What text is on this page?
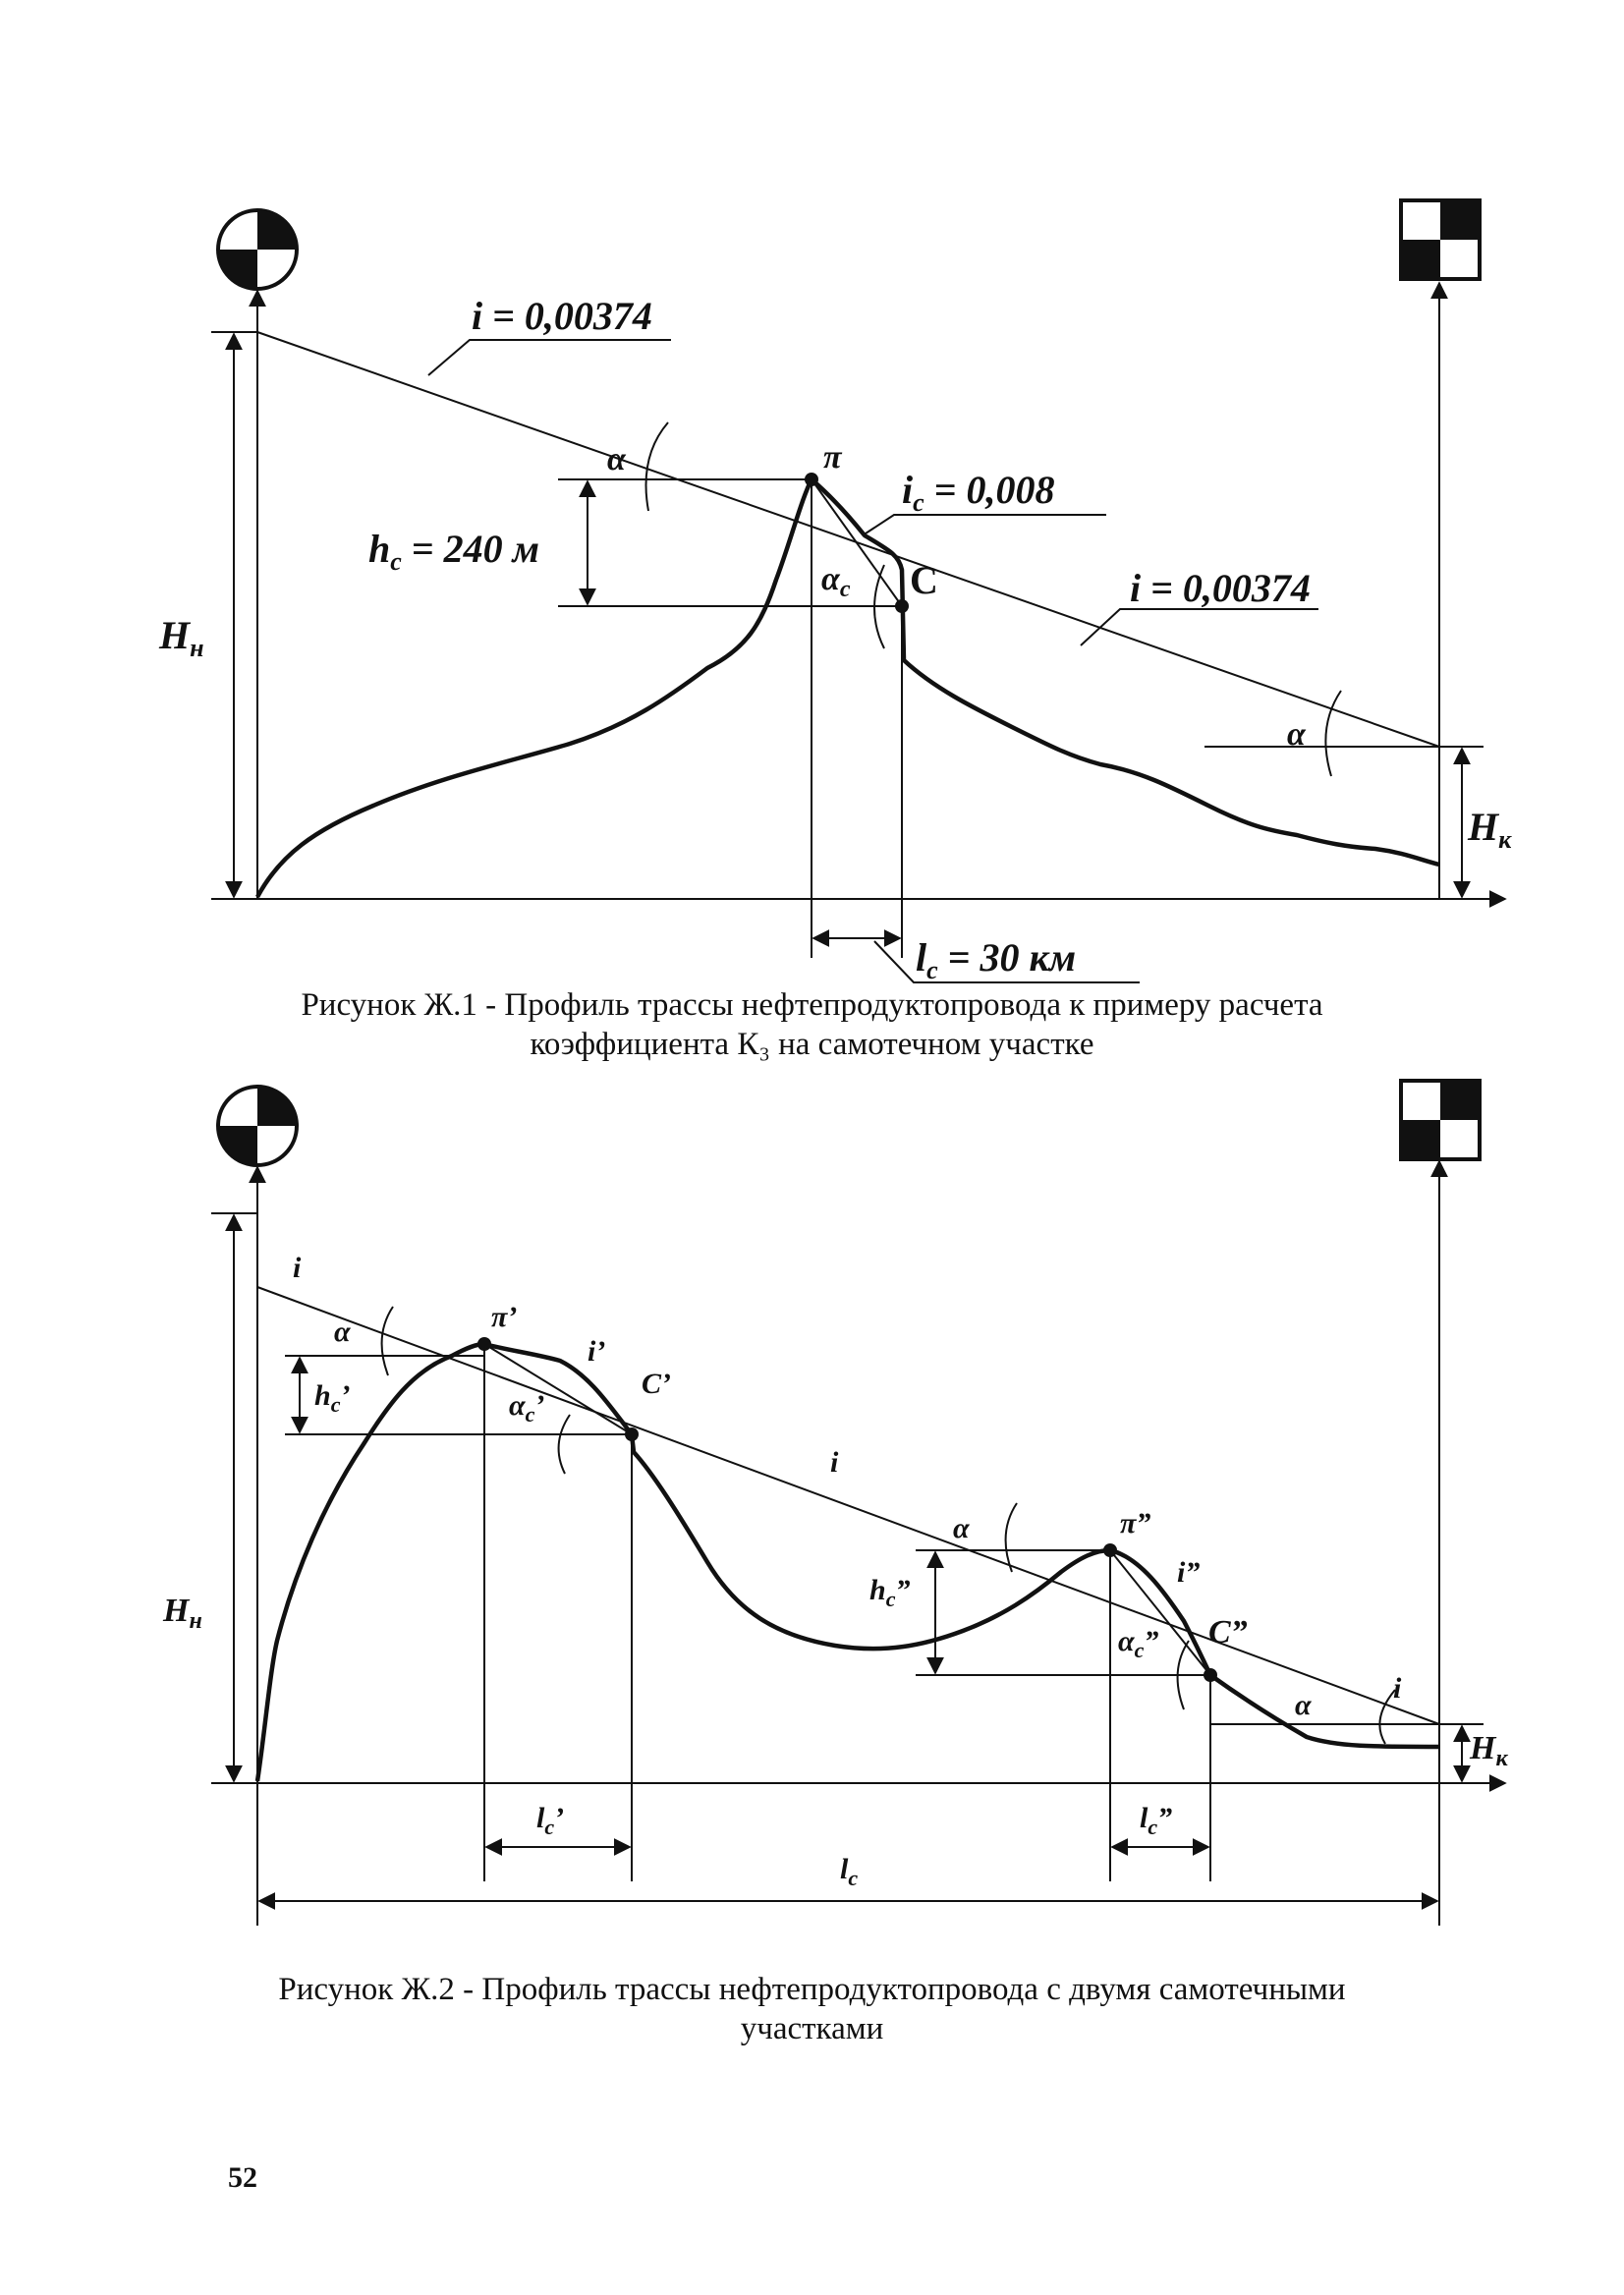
i = 0,00374
i = 0,00374
$i_c = 0,008$
$h_c = 240$ м
$l_c = 30$ км
α
α
$\alpha_c$
π
C
$H_н$
$H_к$
Рисунок Ж.1 - Профиль трассы нефтепродуктопровода к примеру расчета
коэффициента К₃ на самотечном участке
i
i
i
i’
i”
α
α
α
π’
π”
C’
C”
$h_c$’
$h_c$”
$\alpha_c$’
$\alpha_c$”
$l_c$’	$l_c$”
$l_c$
$H_н$
$H_к$
Рисунок Ж.2 - Профиль трассы нефтепродуктопровода с двумя самотечными
участками
52
